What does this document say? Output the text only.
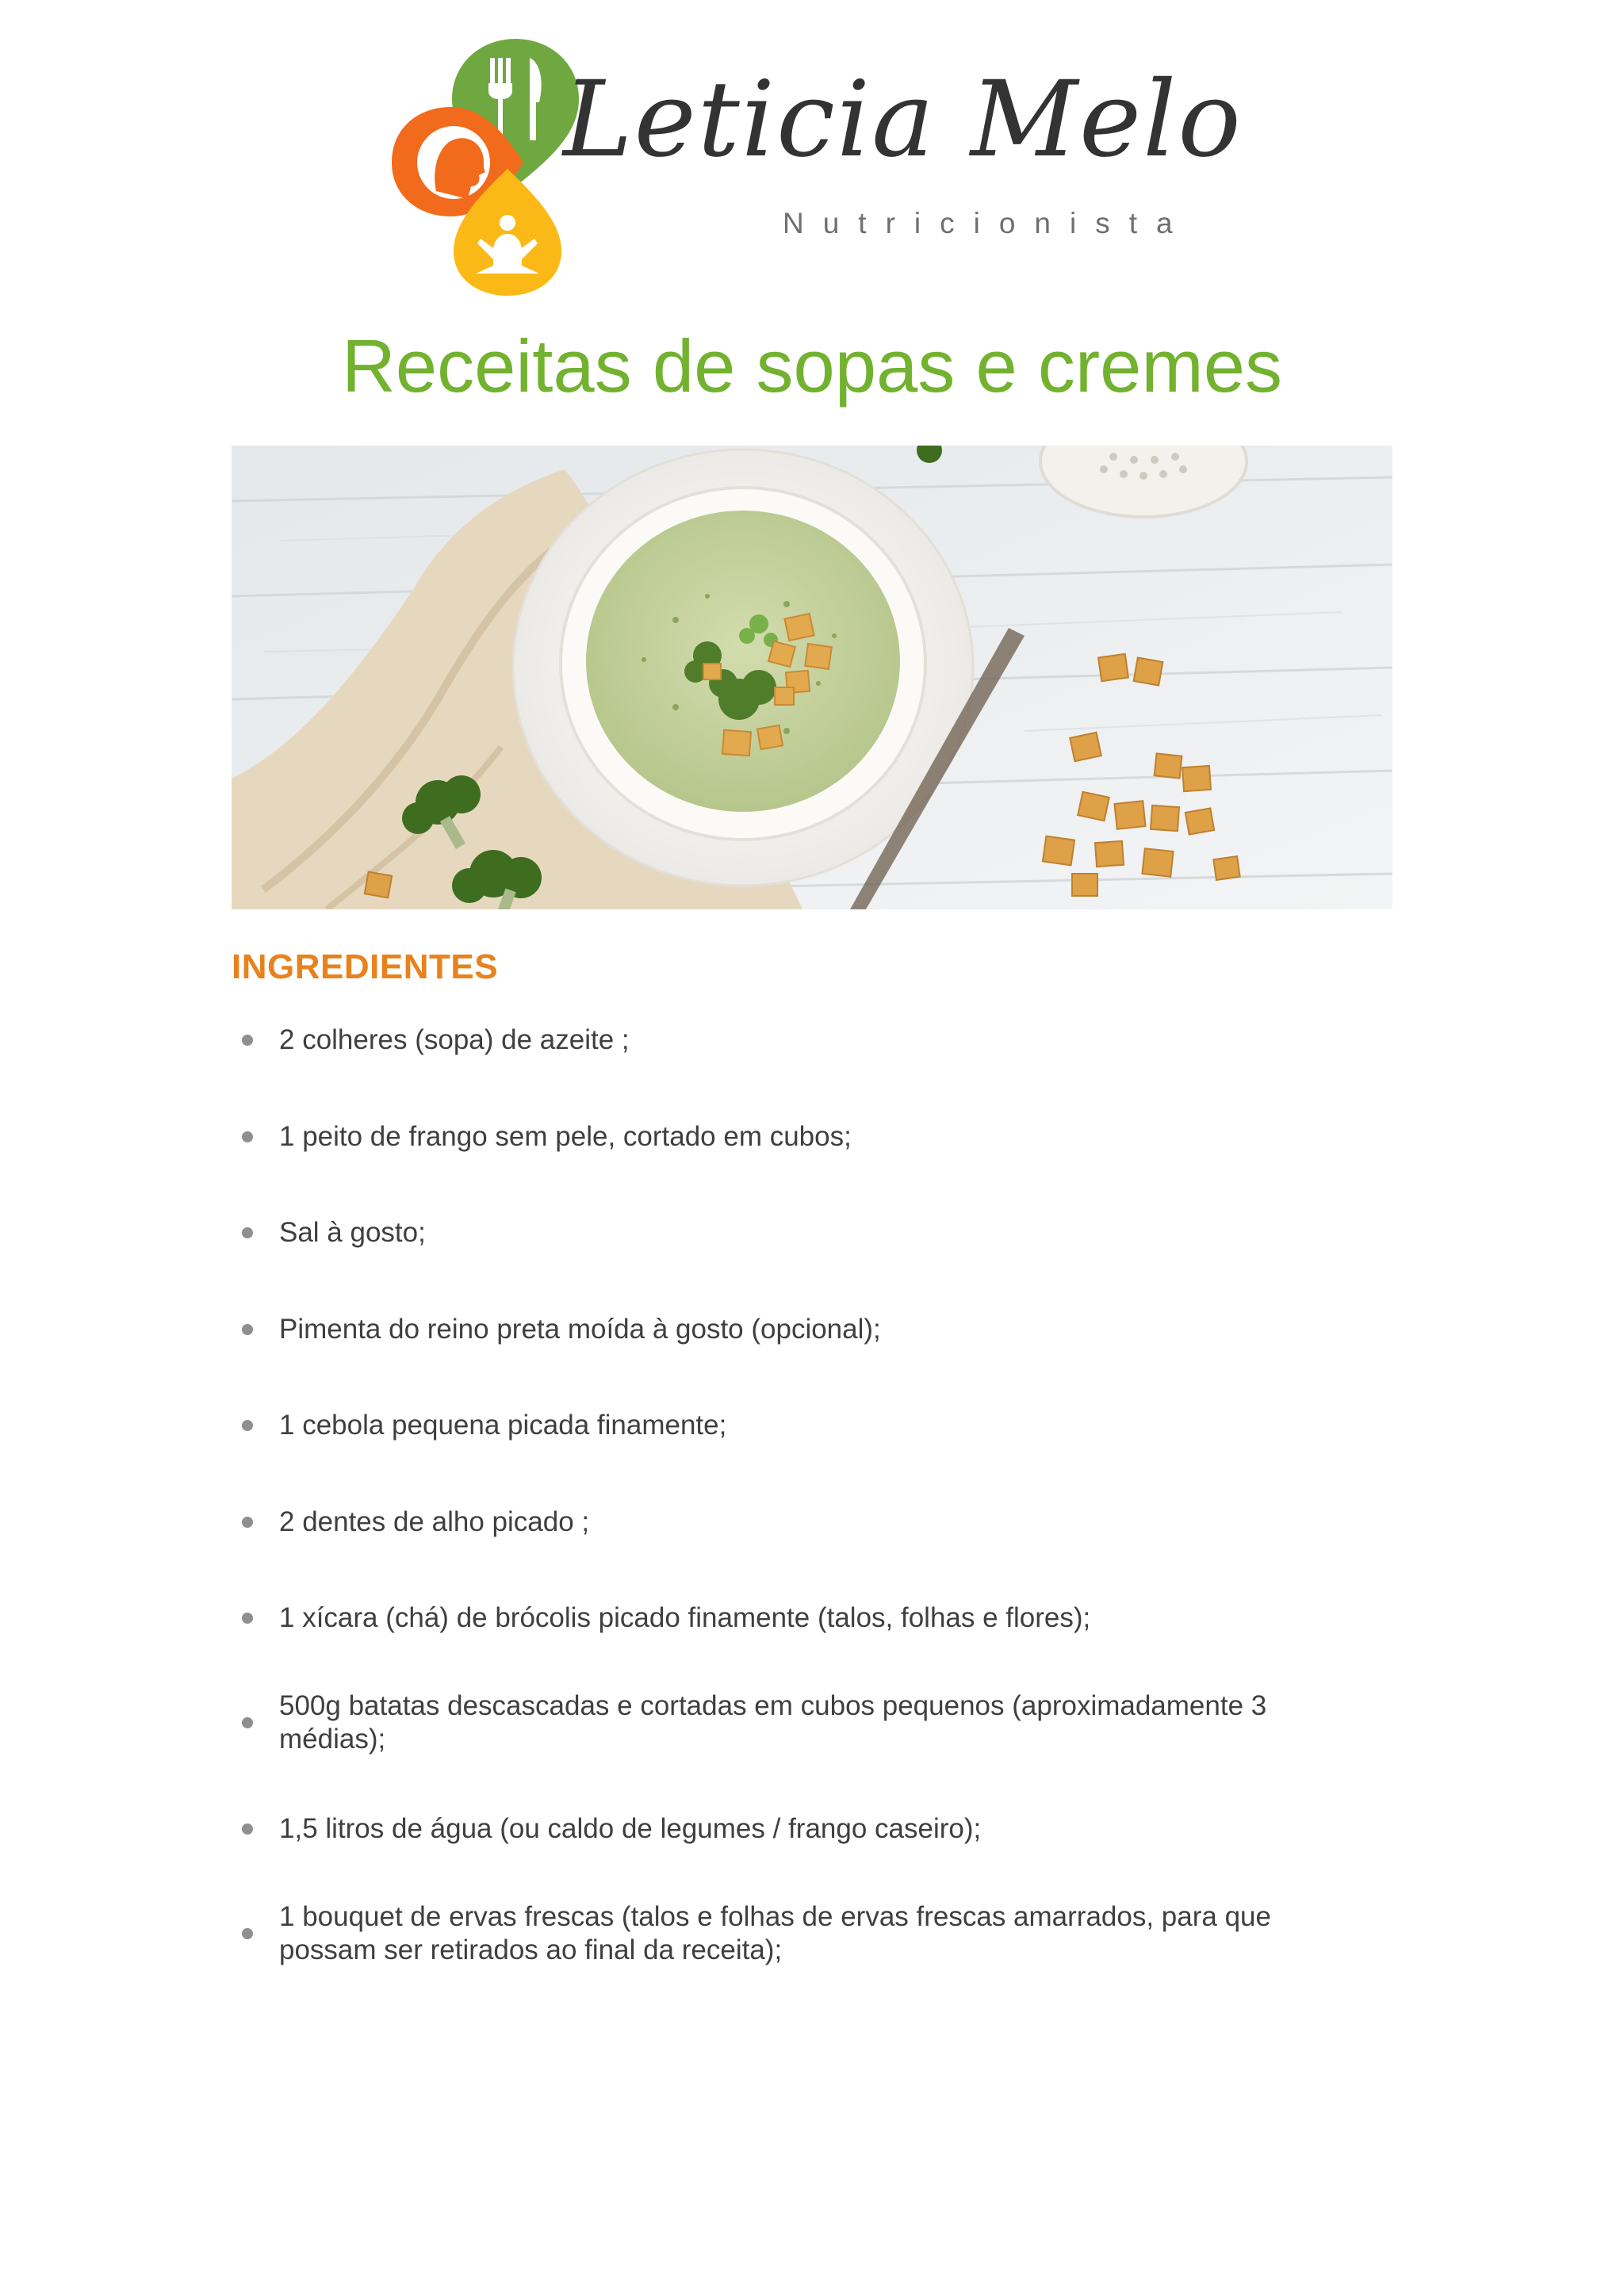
Leticia Melo
Nutricionista
Receitas de sopas e cremes
INGREDIENTES
2 colheres (sopa) de azeite ;
1 peito de frango sem pele, cortado em cubos;
Sal à gosto;
Pimenta do reino preta moída à gosto (opcional);
1 cebola pequena picada finamente;
2 dentes de alho picado ;
1 xícara (chá) de brócolis picado finamente (talos, folhas e flores);
500g batatas descascadas e cortadas em cubos pequenos (aproximadamente 3 médias);
1,5 litros de água (ou caldo de legumes / frango caseiro);
1 bouquet de ervas frescas (talos e folhas de ervas frescas amarrados, para que possam ser retirados ao final da receita);
